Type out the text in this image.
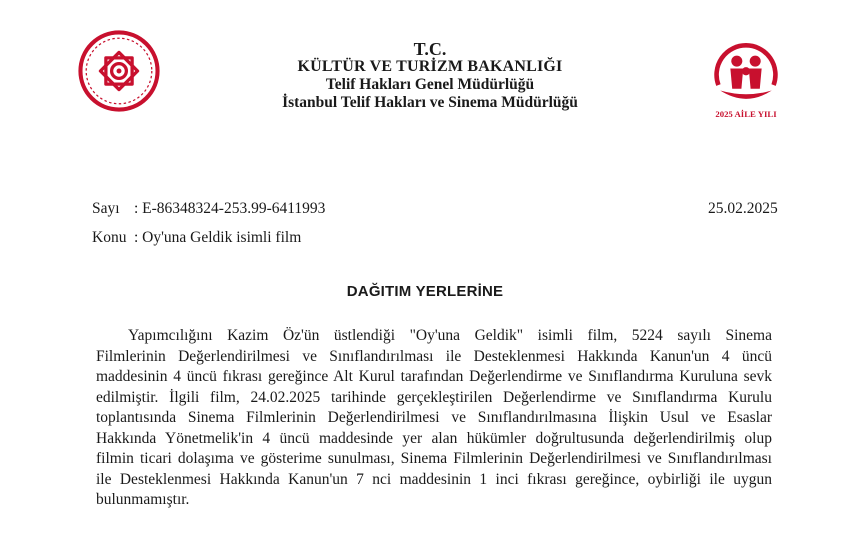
T.C.
KÜLTÜR VE TURİZM BAKANLIĞI
Telif Hakları Genel Müdürlüğü
İstanbul Telif Hakları ve Sinema Müdürlüğü
2025 AİLE YILI
Sayı : E-86348324-253.99-6411993	25.02.2025
Konu : Oy'una Geldik isimli film
DAĞITIM YERLERİNE
Yapımcılığını Kazim Öz'ün üstlendiği "Oy'una Geldik" isimli film, 5224 sayılı Sinema
Filmlerinin Değerlendirilmesi ve Sınıflandırılması ile Desteklenmesi Hakkında Kanun'un 4 üncü
maddesinin 4 üncü fıkrası gereğince Alt Kurul tarafından Değerlendirme ve Sınıflandırma Kuruluna sevk
edilmiştir. İlgili film, 24.02.2025 tarihinde gerçekleştirilen Değerlendirme ve Sınıflandırma Kurulu
toplantısında Sinema Filmlerinin Değerlendirilmesi ve Sınıflandırılmasına İlişkin Usul ve Esaslar
Hakkında Yönetmelik'in 4 üncü maddesinde yer alan hükümler doğrultusunda değerlendirilmiş olup
filmin ticari dolaşıma ve gösterime sunulması, Sinema Filmlerinin Değerlendirilmesi ve Sınıflandırılması
ile Desteklenmesi Hakkında Kanun'un 7 nci maddesinin 1 inci fıkrası gereğince, oybirliği ile uygun
bulunmamıştır.
